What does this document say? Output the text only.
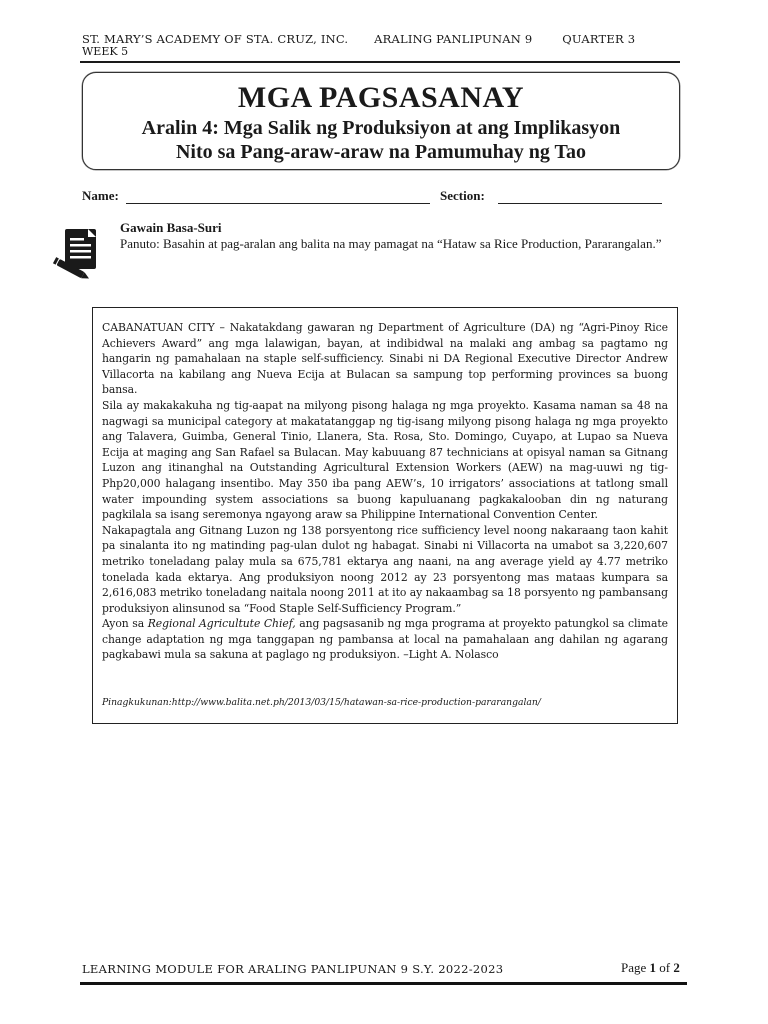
ST. MARY’S ACADEMY OF STA. CRUZ, INC. ARALING PANLIPUNAN 9	QUARTER 3
WEEK 5
MGA PAGSASANAY
Aralin 4: Mga Salik ng Produksiyon at ang Implikasyon
Nito sa Pang-araw-araw na Pamumuhay ng Tao
Name:	Section:
Gawain Basa-Suri
Panuto: Basahin at pag-aralan ang balita na may pamagat na “Hataw sa Rice Production, Pararangalan.”

CABANATUAN CITY – Nakatakdang gawaran ng Department of Agriculture (DA) ng “Agri-Pinoy Rice Achievers Award” ang mga lalawigan, bayan, at indibidwal na malaki ang ambag sa pagtamo ng hangarin ng pamahalaan na staple self-sufficiency. Sinabi ni DA Regional Executive Director Andrew Villacorta na kabilang ang Nueva Ecija at Bulacan sa sampung top performing provinces sa buong bansa.

Sila ay makakakuha ng tig-aapat na milyong pisong halaga ng mga proyekto. Kasama naman sa 48 na nagwagi sa municipal category at makatatanggap ng tig-isang milyong pisong halaga ng mga proyekto ang Talavera, Guimba, General Tinio, Llanera, Sta. Rosa, Sto. Domingo, Cuyapo, at Lupao sa Nueva Ecija at maging ang San Rafael sa Bulacan. May kabuuang 87 technicians at opisyal naman sa Gitnang Luzon ang itinanghal na Outstanding Agricultural Extension Workers (AEW) na mag-uuwi ng tig-Php20,000 halagang insentibo. May 350 iba pang AEW’s, 10 irrigators’ associations at tatlong small water impounding system associations sa buong kapuluanang pagkakalooban din ng naturang pagkilala sa isang seremonya ngayong araw sa Philippine International Convention Center.

Nakapagtala ang Gitnang Luzon ng 138 porsyentong rice sufficiency level noong nakaraang taon kahit pa sinalanta ito ng matinding pag-ulan dulot ng habagat. Sinabi ni Villacorta na umabot sa 3,220,607 metriko toneladang palay mula sa 675,781 ektarya ang naani, na ang average yield ay 4.77 metriko tonelada kada ektarya. Ang produksiyon noong 2012 ay 23 porsyentong mas mataas kumpara sa 2,616,083 metriko toneladang naitala noong 2011 at ito ay nakaambag sa 18 porsyento ng pambansang produksiyon alinsunod sa “Food Staple Self-Sufficiency Program.”

Ayon sa Regional Agricultute Chief, ang pagsasanib ng mga programa at proyekto patungkol sa climate change adaptation ng mga tanggapan ng pambansa at local na pamahalaan ang dahilan ng agarang pagkabawi mula sa sakuna at paglago ng produksiyon. –Light A. Nolasco

Pinagkukunan:http://www.balita.net.ph/2013/03/15/hatawan-sa-rice-production-pararangalan/
LEARNING MODULE FOR ARALING PANLIPUNAN 9 S.Y. 2022-2023	Page 1 of 2
